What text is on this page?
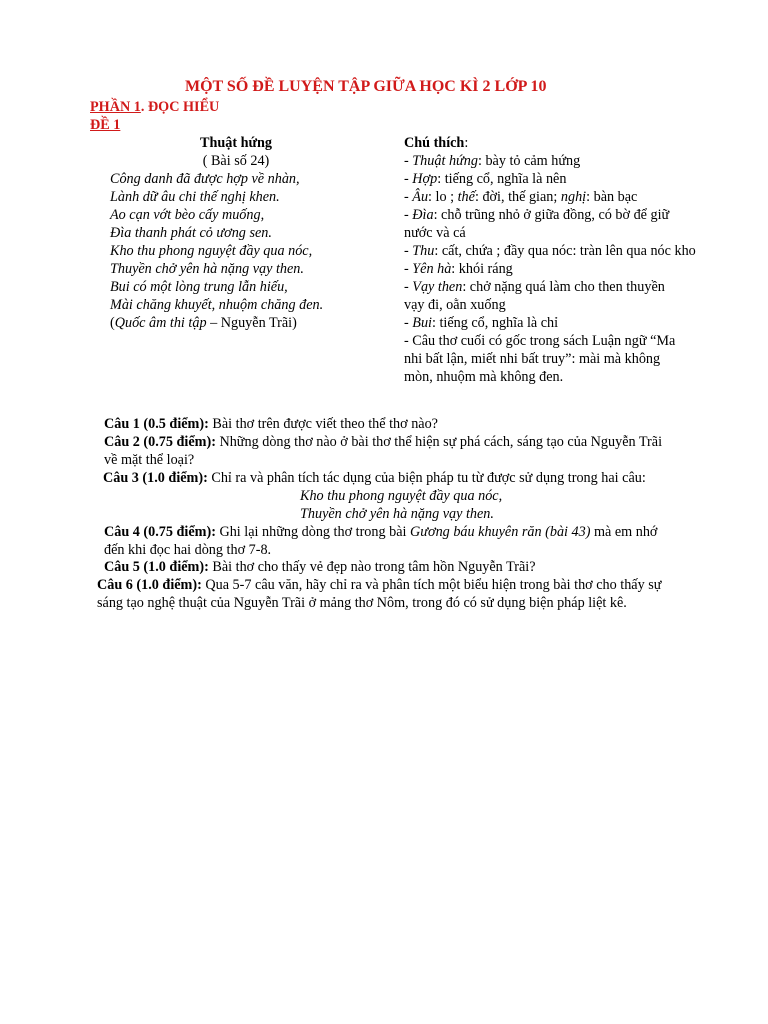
MỘT SỐ ĐỀ LUYỆN TẬP GIỮA HỌC KÌ 2 LỚP 10
PHẦN 1. ĐỌC HIỂU
ĐỀ 1
Thuật hứng
( Bài số 24)
Công danh đã được hợp về nhàn,
Lành dữ âu chi thế nghị khen.
Ao cạn vớt bèo cấy muống,
Đìa thanh phát cỏ ương sen.
Kho thu phong nguyệt đầy qua nóc,
Thuyền chở yên hà nặng vạy then.
Bui có một lòng trung lẫn hiếu,
Mài chăng khuyết, nhuộm chăng đen.
(Quốc âm thi tập – Nguyễn Trãi)
Chú thích:
- Thuật hứng: bày tỏ cảm hứng
- Hợp: tiếng cổ, nghĩa là nên
- Âu: lo ; thế: đời, thế gian; nghị: bàn bạc
- Đìa: chỗ trũng nhỏ ở giữa đồng, có bờ để giữ
nước và cá
- Thu: cất, chứa ; đầy qua nóc: tràn lên qua nóc kho
- Yên hà: khói ráng
- Vạy then: chở nặng quá làm cho then thuyền
vạy đi, oằn xuống
- Bui: tiếng cổ, nghĩa là chỉ
- Câu thơ cuối có gốc trong sách Luận ngữ “Ma
nhi bất lận, miết nhi bất truy”: mài mà không
mòn, nhuộm mà không đen.
Câu 1 (0.5 điểm): Bài thơ trên được viết theo thể thơ nào?
Câu 2 (0.75 điểm): Những dòng thơ nào ở bài thơ thể hiện sự phá cách, sáng tạo của Nguyễn Trãi
về mặt thể loại?
Câu 3 (1.0 điểm): Chỉ ra và phân tích tác dụng của biện pháp tu từ được sử dụng trong hai câu:
Kho thu phong nguyệt đầy qua nóc,
Thuyền chở yên hà nặng vạy then.
Câu 4 (0.75 điểm): Ghi lại những dòng thơ trong bài Gương báu khuyên răn (bài 43) mà em nhớ
đến khi đọc hai dòng thơ 7-8.
Câu 5 (1.0 điểm): Bài thơ cho thấy vẻ đẹp nào trong tâm hồn Nguyễn Trãi?
Câu 6 (1.0 điểm): Qua 5-7 câu văn, hãy chỉ ra và phân tích một biểu hiện trong bài thơ cho thấy sự
sáng tạo nghệ thuật của Nguyễn Trãi ở mảng thơ Nôm, trong đó có sử dụng biện pháp liệt kê.
